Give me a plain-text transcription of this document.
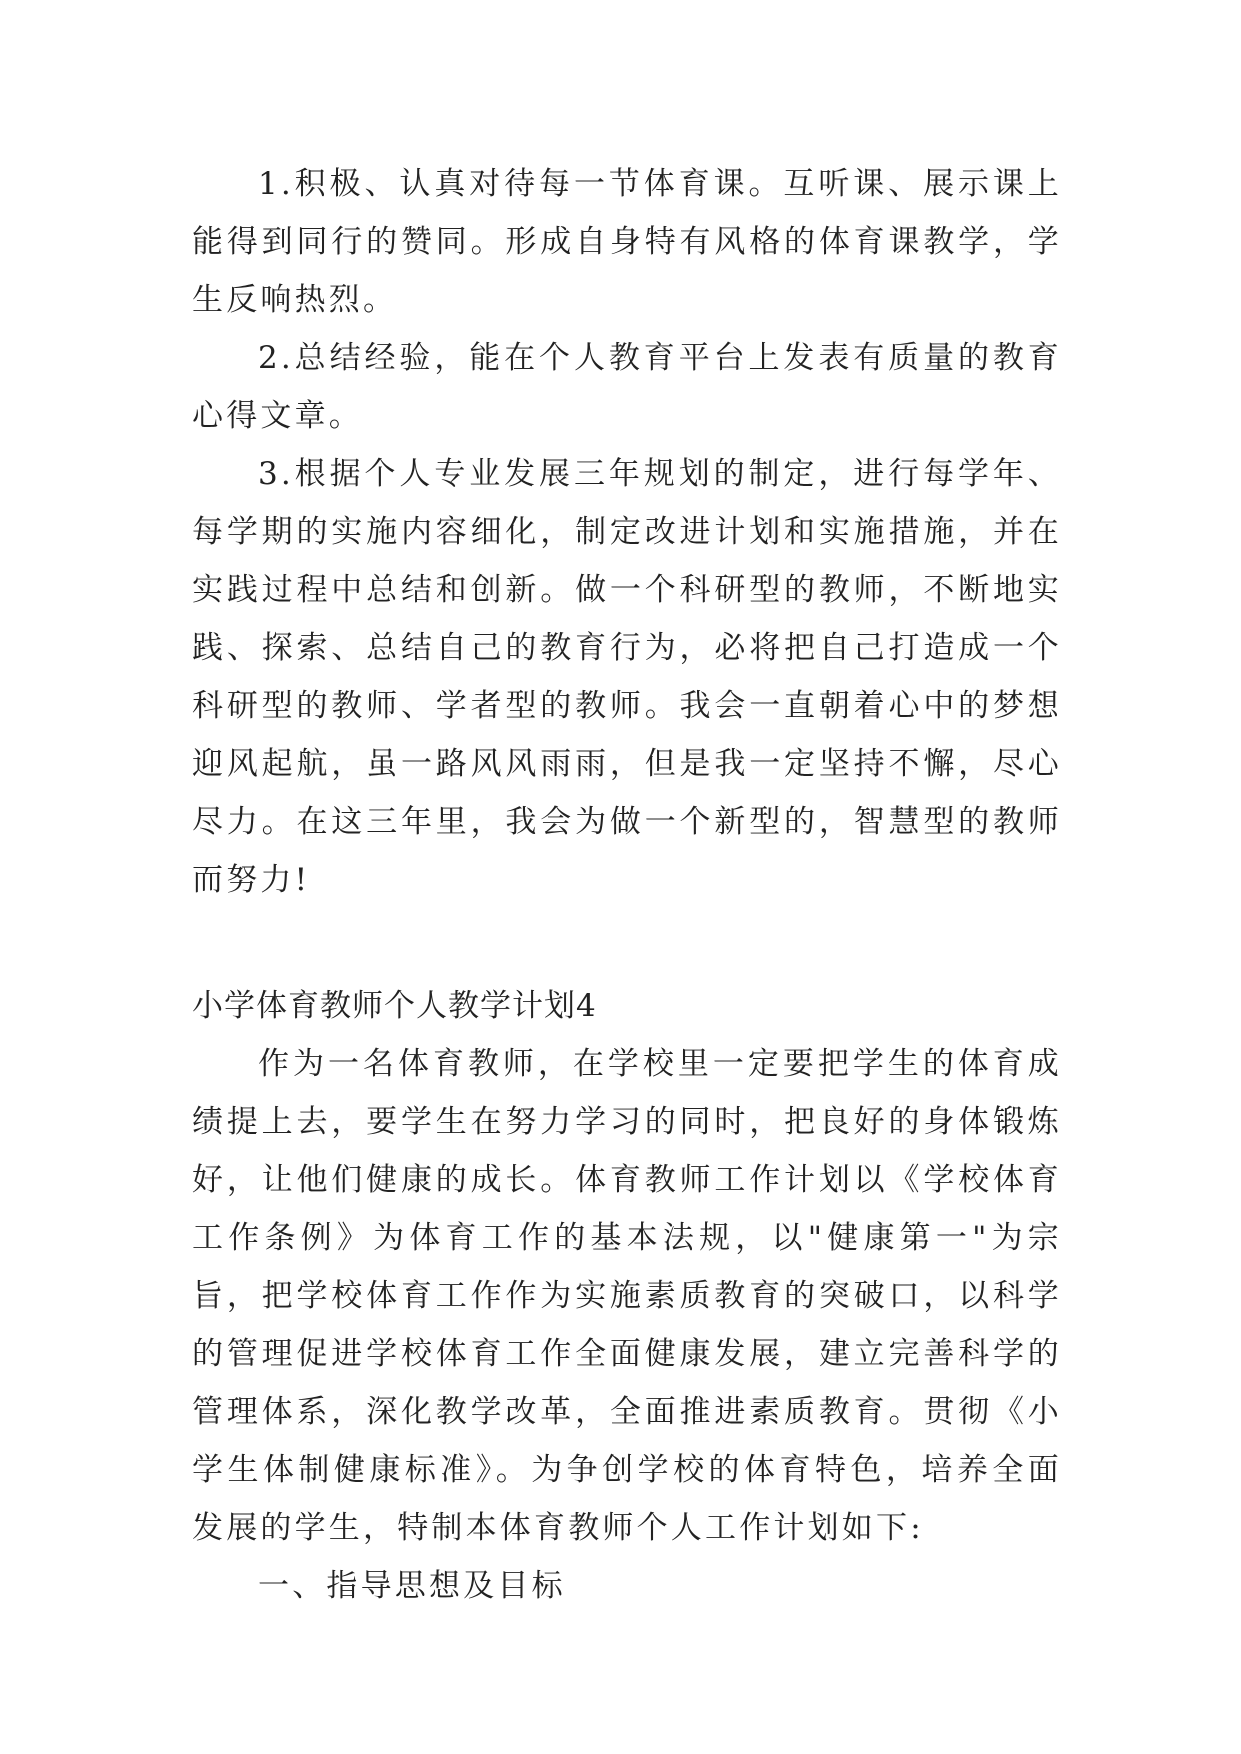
1.积极、认真对待每一节体育课。互听课、展示课上能得到同行的赞同。形成自身特有风格的体育课教学，学生反响热烈。

2.总结经验，能在个人教育平台上发表有质量的教育心得文章。

3.根据个人专业发展三年规划的制定，进行每学年、每学期的实施内容细化，制定改进计划和实施措施，并在实践过程中总结和创新。做一个科研型的教师，不断地实践、探索、总结自己的教育行为，必将把自己打造成一个科研型的教师、学者型的教师。我会一直朝着心中的梦想迎风起航，虽一路风风雨雨，但是我一定坚持不懈，尽心尽力。在这三年里，我会为做一个新型的，智慧型的教师而努力!

小学体育教师个人教学计划4

作为一名体育教师，在学校里一定要把学生的体育成绩提上去，要学生在努力学习的同时，把良好的身体锻炼好，让他们健康的成长。体育教师工作计划以《学校体育工作条例》为体育工作的基本法规，以"健康第一"为宗旨，把学校体育工作作为实施素质教育的突破口，以科学的管理促进学校体育工作全面健康发展，建立完善科学的管理体系，深化教学改革，全面推进素质教育。贯彻《小学生体制健康标准》。为争创学校的体育特色，培养全面发展的学生，特制本体育教师个人工作计划如下:

一、指导思想及目标
